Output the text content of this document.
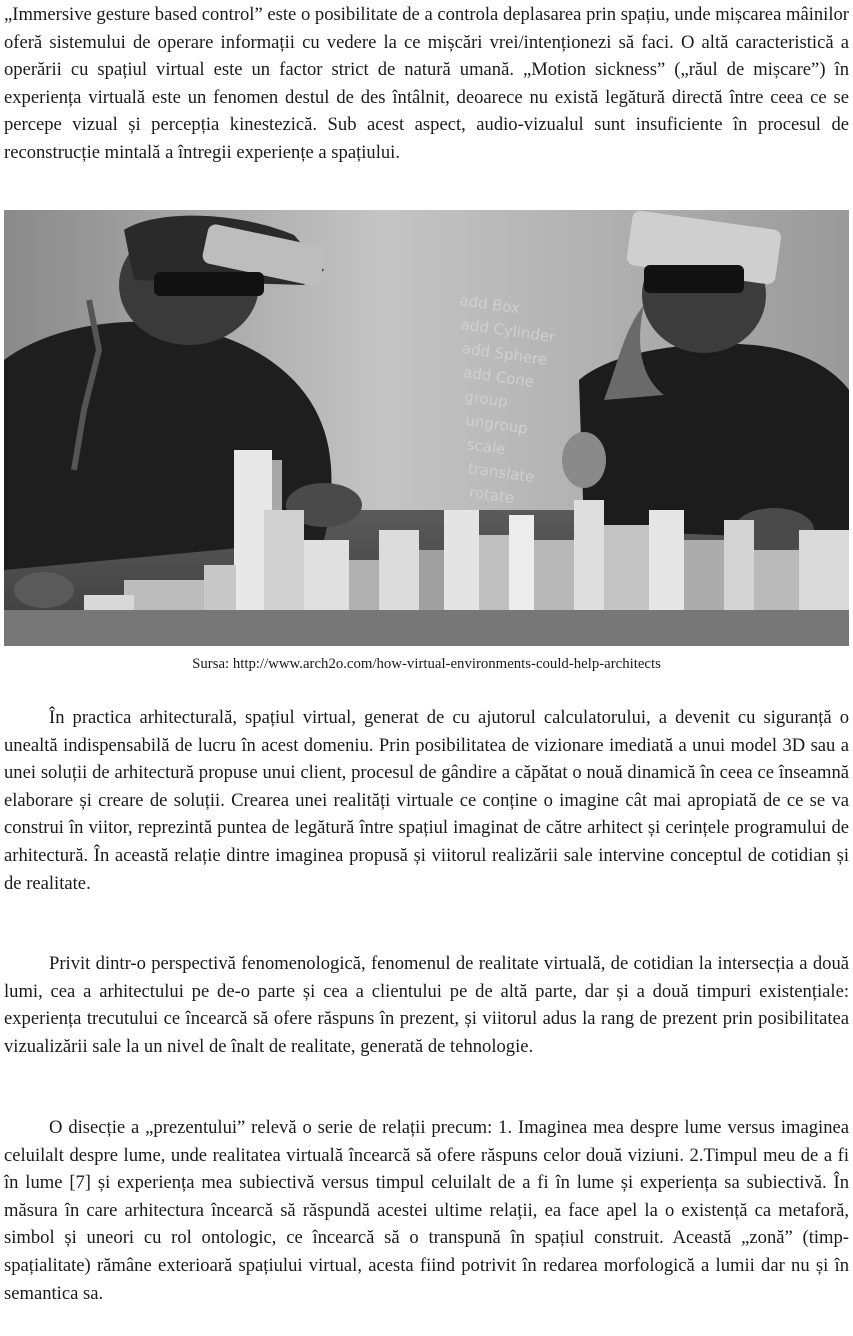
„Immersive gesture based control” este o posibilitate de a controla deplasarea prin spațiu, unde mișcarea mâinilor oferă sistemului de operare informații cu vedere la ce mișcări vrei/intenționezi să faci. O altă caracteristică a operării cu spațiul virtual este un factor strict de natură umană. „Motion sickness” („răul de mișcare”) în experiența virtuală este un fenomen destul de des întâlnit, deoarece nu există legătură directă între ceea ce se percepe vizual și percepția kinestezică. Sub acest aspect, audio-vizualul sunt insuficiente în procesul de reconstrucție mintală a întregii experiențe a spațiului.

add Box
add Cylinder
add Sphere
add Cone
group
ungroup
scale
translate
rotate
Sursa: http://www.arch2o.com/how-virtual-environments-could-help-architects

În practica arhitecturală, spațiul virtual, generat de cu ajutorul calculatorului, a devenit cu siguranță o unealtă indispensabilă de lucru în acest domeniu. Prin posibilitatea de vizionare imediată a unui model 3D sau a unei soluții de arhitectură propuse unui client, procesul de gândire a căpătat o nouă dinamică în ceea ce înseamnă elaborare și creare de soluții. Crearea unei realități virtuale ce conține o imagine cât mai apropiată de ce se va construi în viitor, reprezintă puntea de legătură între spațiul imaginat de către arhitect și cerințele programului de arhitectură. În această relație dintre imaginea propusă și viitorul realizării sale intervine conceptul de cotidian și de realitate.

Privit dintr-o perspectivă fenomenologică, fenomenul de realitate virtuală, de cotidian la intersecția a două lumi, cea a arhitectului pe de-o parte și cea a clientului pe de altă parte, dar și a două timpuri existențiale: experiența trecutului ce încearcă să ofere răspuns în prezent, și viitorul adus la rang de prezent prin posibilitatea vizualizării sale la un nivel de înalt de realitate, generată de tehnologie.

O disecție a „prezentului” relevă o serie de relații precum: 1. Imaginea mea despre lume versus imaginea celuilalt despre lume, unde realitatea virtuală încearcă să ofere răspuns celor două viziuni. 2.Timpul meu de a fi în lume [7] și experiența mea subiectivă versus timpul celuilalt de a fi în lume și experiența sa subiectivă. În măsura în care arhitectura încearcă să răspundă acestei ultime relații, ea face apel la o existență ca metaforă, simbol și uneori cu rol ontologic, ce încearcă să o transpună în spațiul construit. Această „zonă” (timp-spațialitate) rămâne exterioară spațiului virtual, acesta fiind potrivit în redarea morfologică a lumii dar nu și în semantica sa.
